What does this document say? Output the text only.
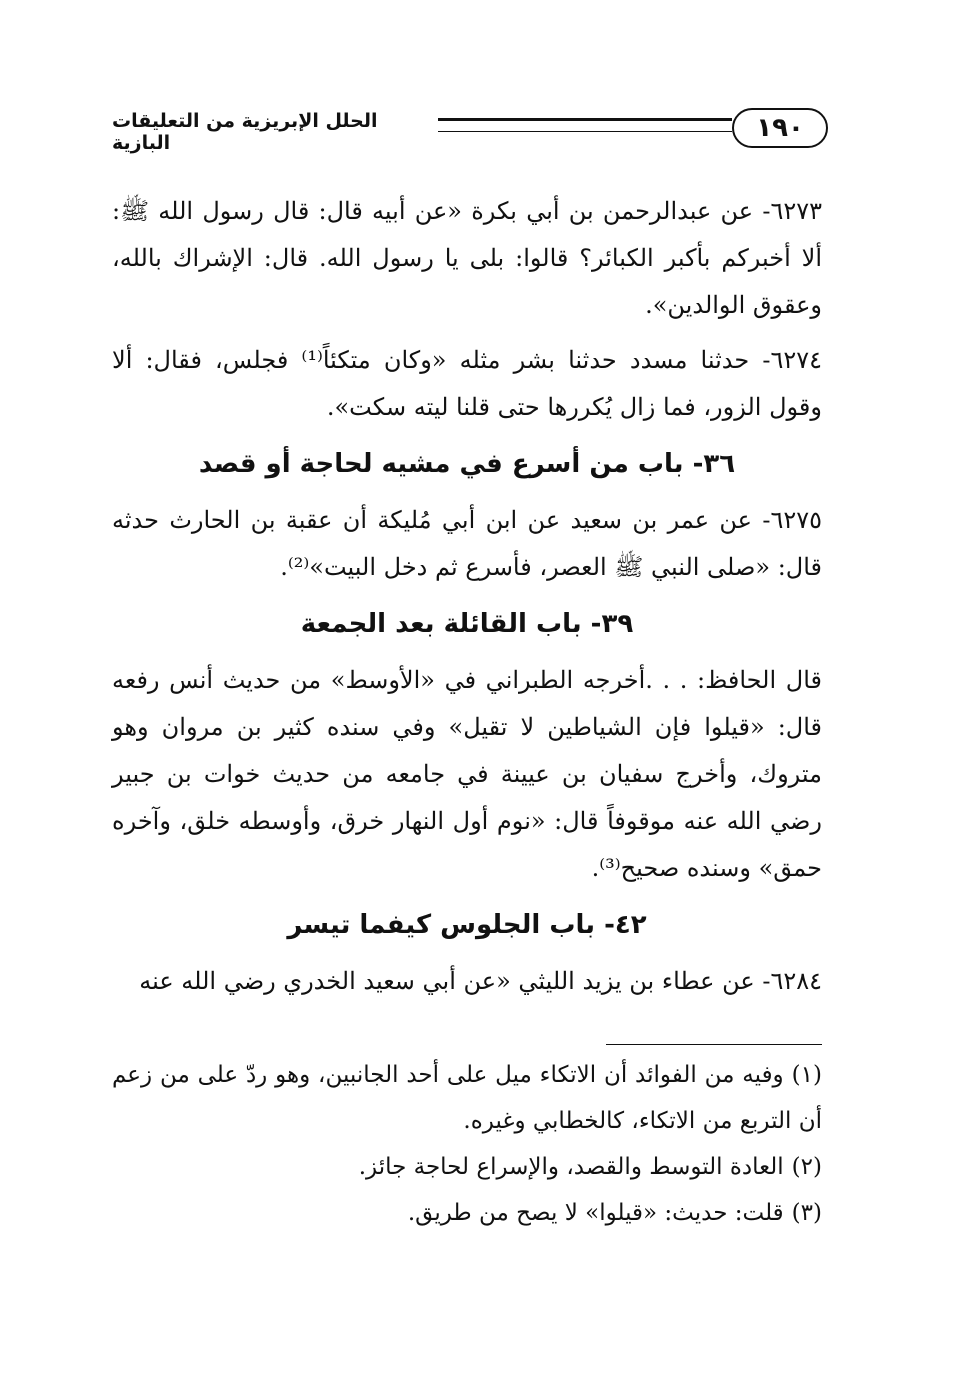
١٩٠
الحلل الإبريزية من التعليقات البازية

٦٢٧٣- عن عبدالرحمن بن أبي بكرة «عن أبيه قال: قال رسول الله ﷺ: ألا أخبركم بأكبر الكبائر؟ قالوا: بلى يا رسول الله. قال: الإشراك بالله، وعقوق الوالدين».

٦٢٧٤- حدثنا مسدد حدثنا بشر مثله «وكان متكئاً⁽¹⁾ فجلس، فقال: ألا وقول الزور، فما زال يُكررها حتى قلنا ليته سكت».

٣٦- باب من أسرع في مشيه لحاجة أو قصد

٦٢٧٥- عن عمر بن سعيد عن ابن أبي مُليكة أن عقبة بن الحارث حدثه قال: «صلى النبي ﷺ العصر، فأسرع ثم دخل البيت»⁽²⁾.

٣٩- باب القائلة بعد الجمعة

قال الحافظ: . . .أخرجه الطبراني في «الأوسط» من حديث أنس رفعه قال: «قيلوا فإن الشياطين لا تقيل» وفي سنده كثير بن مروان وهو متروك، وأخرج سفيان بن عيينة في جامعه من حديث خوات بن جبير رضي الله عنه موقوفاً قال: «نوم أول النهار خرق، وأوسطه خلق، وآخره حمق» وسنده صحيح⁽³⁾.

٤٢- باب الجلوس كيفما تيسر

٦٢٨٤- عن عطاء بن يزيد الليثي «عن أبي سعيد الخدري رضي الله عنه

(١)وفيه من الفوائد أن الاتكاء ميل على أحد الجانبين، وهو ردّ على من زعم أن التربع من الاتكاء، كالخطابي وغيره.

(٢)العادة التوسط والقصد، والإسراع لحاجة جائز.

(٣)قلت: حديث: «قيلوا» لا يصح من طريق.
